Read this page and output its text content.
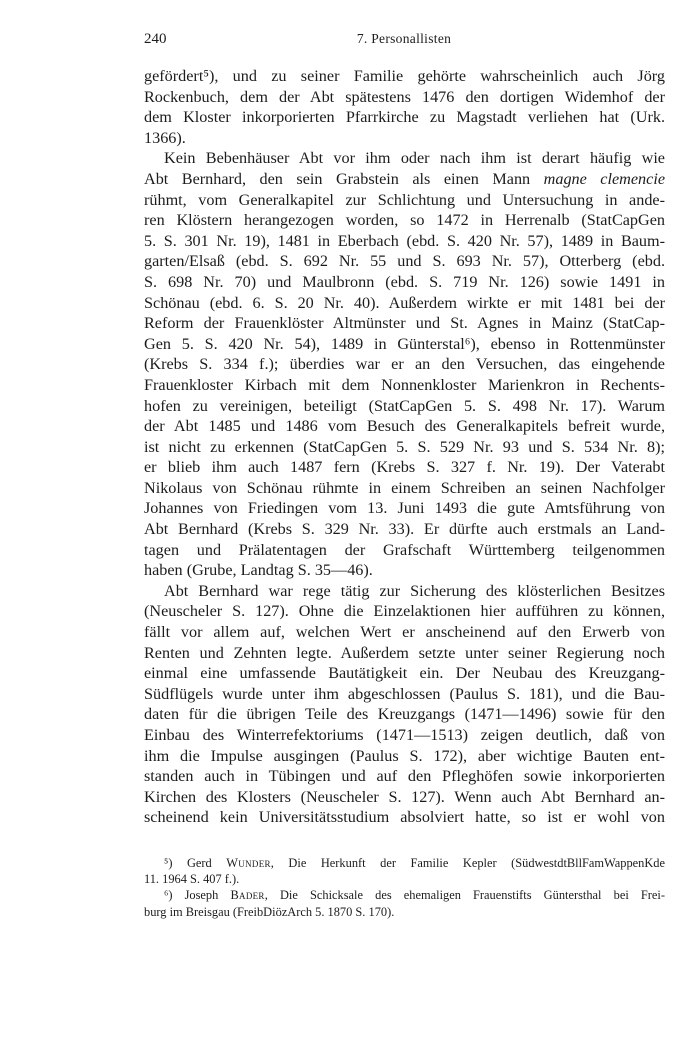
240	7. Personallisten

gefördert⁵), und zu seiner Familie gehörte wahrscheinlich auch Jörg
Rockenbuch, dem der Abt spätestens 1476 den dortigen Widemhof der
dem Kloster inkorporierten Pfarrkirche zu Magstadt verliehen hat (Urk.
1366).

Kein Bebenhäuser Abt vor ihm oder nach ihm ist derart häufig wie
Abt Bernhard, den sein Grabstein als einen Mann magne clemencie
rühmt, vom Generalkapitel zur Schlichtung und Untersuchung in ande-
ren Klöstern herangezogen worden, so 1472 in Herrenalb (StatCapGen
5. S. 301 Nr. 19), 1481 in Eberbach (ebd. S. 420 Nr. 57), 1489 in Baum-
garten/Elsaß (ebd. S. 692 Nr. 55 und S. 693 Nr. 57), Otterberg (ebd.
S. 698 Nr. 70) und Maulbronn (ebd. S. 719 Nr. 126) sowie 1491 in
Schönau (ebd. 6. S. 20 Nr. 40). Außerdem wirkte er mit 1481 bei der
Reform der Frauenklöster Altmünster und St. Agnes in Mainz (StatCap-
Gen 5. S. 420 Nr. 54), 1489 in Günterstal⁶), ebenso in Rottenmünster
(Krebs S. 334 f.); überdies war er an den Versuchen, das eingehende
Frauenkloster Kirbach mit dem Nonnenkloster Marienkron in Rechents-
hofen zu vereinigen, beteiligt (StatCapGen 5. S. 498 Nr. 17). Warum
der Abt 1485 und 1486 vom Besuch des Generalkapitels befreit wurde,
ist nicht zu erkennen (StatCapGen 5. S. 529 Nr. 93 und S. 534 Nr. 8);
er blieb ihm auch 1487 fern (Krebs S. 327 f. Nr. 19). Der Vaterabt
Nikolaus von Schönau rühmte in einem Schreiben an seinen Nachfolger
Johannes von Friedingen vom 13. Juni 1493 die gute Amtsführung von
Abt Bernhard (Krebs S. 329 Nr. 33). Er dürfte auch erstmals an Land-
tagen und Prälatentagen der Grafschaft Württemberg teilgenommen
haben (Grube, Landtag S. 35—46).

Abt Bernhard war rege tätig zur Sicherung des klösterlichen Besitzes
(Neuscheler S. 127). Ohne die Einzelaktionen hier aufführen zu können,
fällt vor allem auf, welchen Wert er anscheinend auf den Erwerb von
Renten und Zehnten legte. Außerdem setzte unter seiner Regierung noch
einmal eine umfassende Bautätigkeit ein. Der Neubau des Kreuzgang-
Südflügels wurde unter ihm abgeschlossen (Paulus S. 181), und die Bau-
daten für die übrigen Teile des Kreuzgangs (1471—1496) sowie für den
Einbau des Winterrefektoriums (1471—1513) zeigen deutlich, daß von
ihm die Impulse ausgingen (Paulus S. 172), aber wichtige Bauten ent-
standen auch in Tübingen und auf den Pfleghöfen sowie inkorporierten
Kirchen des Klosters (Neuscheler S. 127). Wenn auch Abt Bernhard an-
scheinend kein Universitätsstudium absolviert hatte, so ist er wohl von

⁵) Gerd Wunder, Die Herkunft der Familie Kepler (SüdwestdtBllFamWappenKde
11. 1964 S. 407 f.).

⁶) Joseph Bader, Die Schicksale des ehemaligen Frauenstifts Güntersthal bei Frei-
burg im Breisgau (FreibDiözArch 5. 1870 S. 170).
